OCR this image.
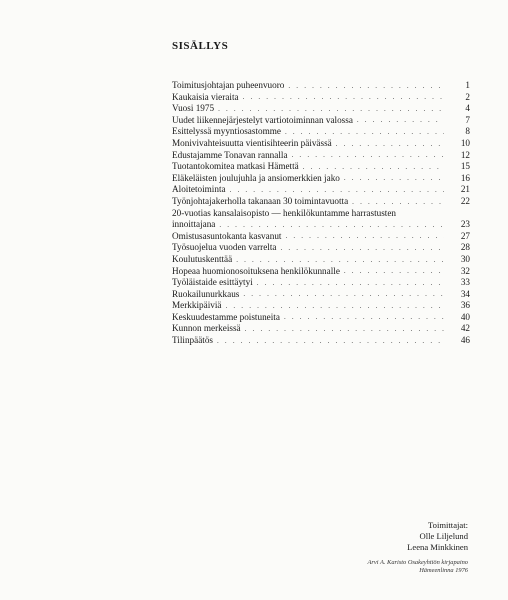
SISÄLLYS
Toimitusjohtajan puheenvuoro . . .	1
Kaukaisia vieraita . . .	2
Vuosi 1975 . . .	4
Uudet liikennejärjestelyt vartiotoiminnan valossa . . .	7
Esittelyssä myyntiosastomme . . .	8
Monivivahteisuutta vientisihteerin päivässä . . .	10
Edustajamme Tonavan rannalla . . .	12
Tuotantokomitea matkasi Hämettä . . .	15
Eläkeläisten joulujuhla ja ansiomerkkien jako . . .	16
Aloitetoiminta . . .	21
Työnjohtajakerholla takanaan 30 toimintavuotta . . .	22
20-vuotias kansalaisopisto — henkilökuntamme harrastusten
innoittajana . . .	23
Omistusasuntokanta kasvanut . . .	27
Työsuojelua vuoden varrelta . . .	28
Koulutuskenttää . . .	30
Hopeaa huomionosoituksena henkilökunnalle . . .	32
Työläistaide esittäytyi . . .	33
Ruokailunurkkaus . . .	34
Merkkipäiviä . . .	36
Keskuudestamme poistuneita . . .	40
Kunnon merkeissä . . .	42
Tilinpäätös . . .	46
Toimittajat:
Olle Liljelund
Leena Minkkinen
Arvi A. Karisto Osakeyhtiön kirjapaino
Hämeenlinna 1976
